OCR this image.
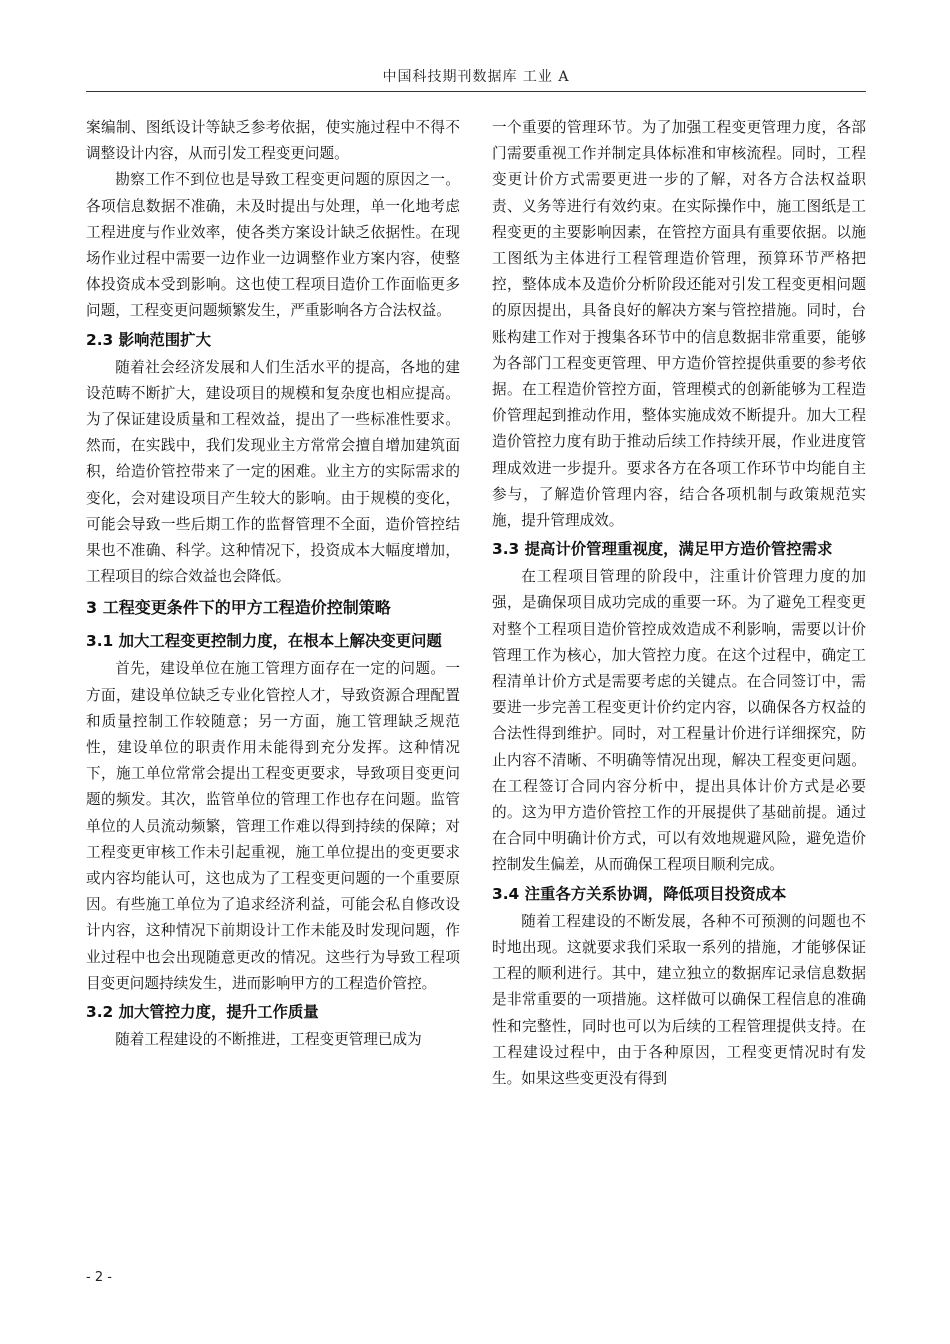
中国科技期刊数据库 工业 A

案编制、图纸设计等缺乏参考依据，使实施过程中不得不调整设计内容，从而引发工程变更问题。

勘察工作不到位也是导致工程变更问题的原因之一。各项信息数据不准确，未及时提出与处理，单一化地考虑工程进度与作业效率，使各类方案设计缺乏依据性。在现场作业过程中需要一边作业一边调整作业方案内容，使整体投资成本受到影响。这也使工程项目造价工作面临更多问题，工程变更问题频繁发生，严重影响各方合法权益。

2.3 影响范围扩大

随着社会经济发展和人们生活水平的提高，各地的建设范畴不断扩大，建设项目的规模和复杂度也相应提高。为了保证建设质量和工程效益，提出了一些标准性要求。然而，在实践中，我们发现业主方常常会擅自增加建筑面积，给造价管控带来了一定的困难。业主方的实际需求的变化，会对建设项目产生较大的影响。由于规模的变化，可能会导致一些后期工作的监督管理不全面，造价管控结果也不准确、科学。这种情况下，投资成本大幅度增加，工程项目的综合效益也会降低。

3 工程变更条件下的甲方工程造价控制策略
3.1 加大工程变更控制力度，在根本上解决变更问题

首先，建设单位在施工管理方面存在一定的问题。一方面，建设单位缺乏专业化管控人才，导致资源合理配置和质量控制工作较随意；另一方面，施工管理缺乏规范性，建设单位的职责作用未能得到充分发挥。这种情况下，施工单位常常会提出工程变更要求，导致项目变更问题的频发。其次，监管单位的管理工作也存在问题。监管单位的人员流动频繁，管理工作难以得到持续的保障；对工程变更审核工作未引起重视，施工单位提出的变更要求或内容均能认可，这也成为了工程变更问题的一个重要原因。有些施工单位为了追求经济利益，可能会私自修改设计内容，这种情况下前期设计工作未能及时发现问题，作业过程中也会出现随意更改的情况。这些行为导致工程项目变更问题持续发生，进而影响甲方的工程造价管控。

3.2 加大管控力度，提升工作质量

随着工程建设的不断推进，工程变更管理已成为

一个重要的管理环节。为了加强工程变更管理力度，各部门需要重视工作并制定具体标准和审核流程。同时，工程变更计价方式需要更进一步的了解，对各方合法权益职责、义务等进行有效约束。在实际操作中，施工图纸是工程变更的主要影响因素，在管控方面具有重要依据。以施工图纸为主体进行工程管理造价管理，预算环节严格把控，整体成本及造价分析阶段还能对引发工程变更相问题的原因提出，具备良好的解决方案与管控措施。同时，台账构建工作对于搜集各环节中的信息数据非常重要，能够为各部门工程变更管理、甲方造价管控提供重要的参考依据。在工程造价管控方面，管理模式的创新能够为工程造价管理起到推动作用，整体实施成效不断提升。加大工程造价管控力度有助于推动后续工作持续开展，作业进度管理成效进一步提升。要求各方在各项工作环节中均能自主参与，了解造价管理内容，结合各项机制与政策规范实施，提升管理成效。

3.3 提高计价管理重视度，满足甲方造价管控需求

在工程项目管理的阶段中，注重计价管理力度的加强，是确保项目成功完成的重要一环。为了避免工程变更对整个工程项目造价管控成效造成不利影响，需要以计价管理工作为核心，加大管控力度。在这个过程中，确定工程清单计价方式是需要考虑的关键点。在合同签订中，需要进一步完善工程变更计价约定内容，以确保各方权益的合法性得到维护。同时，对工程量计价进行详细探究，防止内容不清晰、不明确等情况出现，解决工程变更问题。在工程签订合同内容分析中，提出具体计价方式是必要的。这为甲方造价管控工作的开展提供了基础前提。通过在合同中明确计价方式，可以有效地规避风险，避免造价控制发生偏差，从而确保工程项目顺利完成。

3.4 注重各方关系协调，降低项目投资成本

随着工程建设的不断发展，各种不可预测的问题也不时地出现。这就要求我们采取一系列的措施，才能够保证工程的顺利进行。其中，建立独立的数据库记录信息数据是非常重要的一项措施。这样做可以确保工程信息的准确性和完整性，同时也可以为后续的工程管理提供支持。在工程建设过程中，由于各种原因，工程变更情况时有发生。如果这些变更没有得到

- 2 -
